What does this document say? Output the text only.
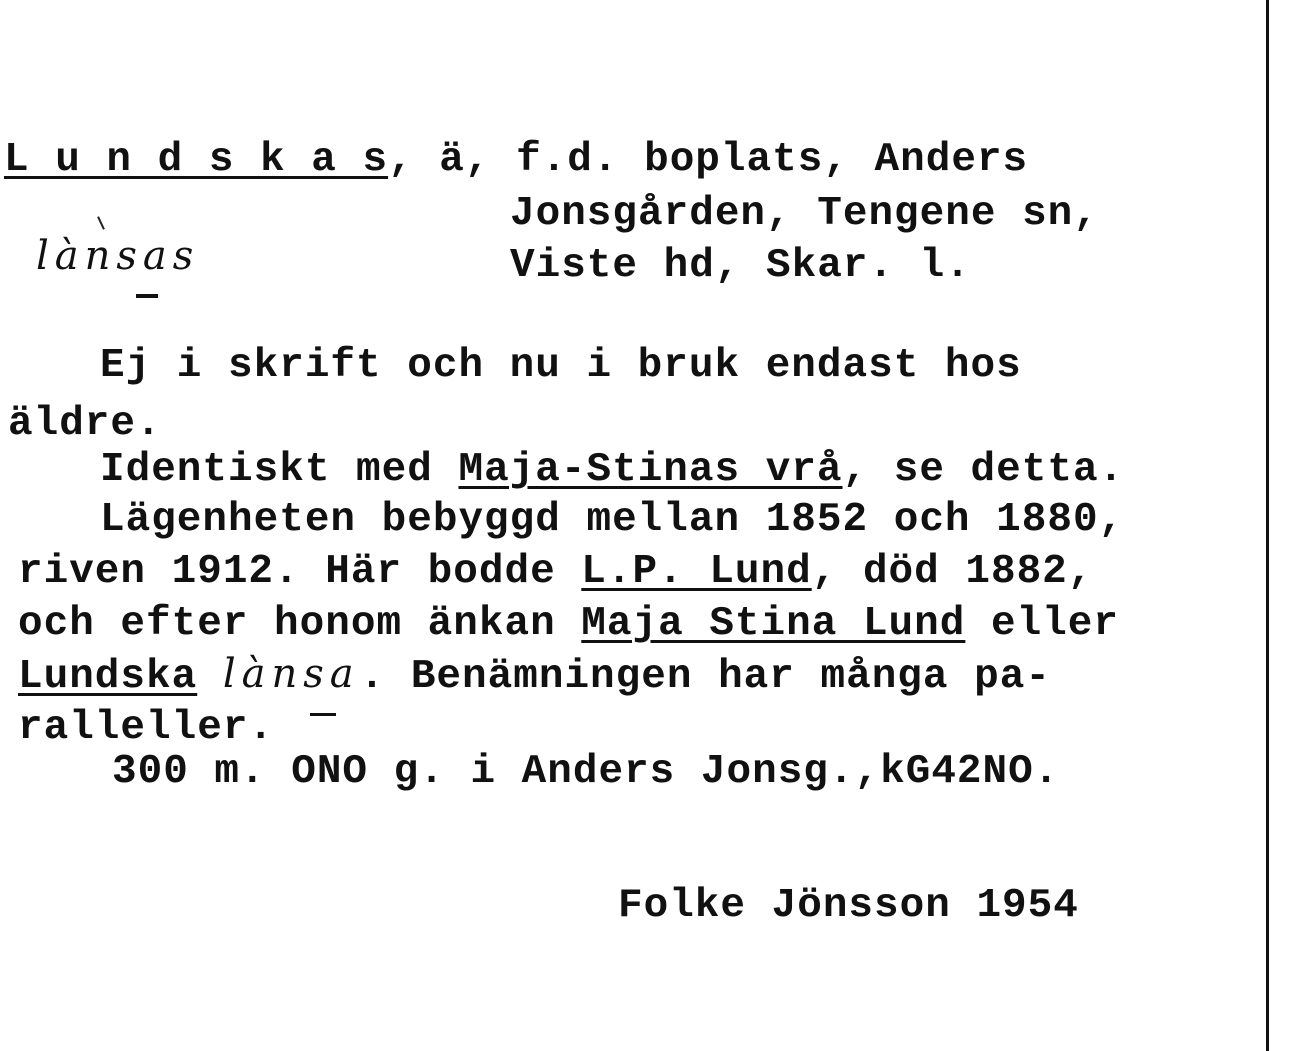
L u n d s k a s, ä, f.d. boplats, Anders
Jonsgården, Tengene sn,
Viste hd, Skar. l.
lànsas
Ej i skrift och nu i bruk endast hos
äldre.
Identiskt med Maja-Stinas vrå, se detta.
Lägenheten bebyggd mellan 1852 och 1880,
riven 1912. Här bodde L.P. Lund, död 1882,
och efter honom änkan Maja Stina Lund eller
Lundska lànsa. Benämningen har många pa-
ralleller.
300 m. ONO g. i Anders Jonsg.,kG42NO.
Folke Jönsson 1954
